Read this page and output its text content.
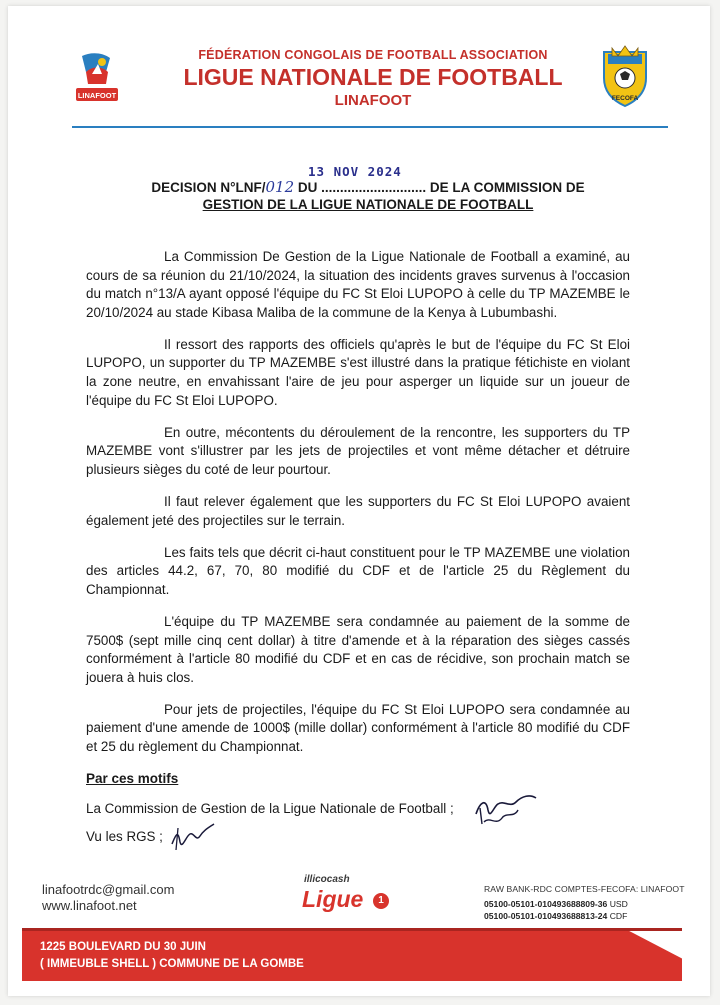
LINAFOOT	FECOFA
FÉDÉRATION CONGOLAIS DE FOOTBALL ASSOCIATION
LIGUE NATIONALE DE FOOTBALL
LINAFOOT
13 NOV 2024
DECISION N°LNF/012 DU ............................ DE LA COMMISSION DE
GESTION DE LA LIGUE NATIONALE DE FOOTBALL

La Commission De Gestion de la Ligue Nationale de Football a examiné, au cours de sa réunion du 21/10/2024, la situation des incidents graves survenus à l'occasion du match n°13/A ayant opposé l'équipe du FC St Eloi LUPOPO à celle du TP MAZEMBE le 20/10/2024 au stade Kibasa Maliba de la commune de la Kenya à Lubumbashi.

Il ressort des rapports des officiels qu'après le but de l'équipe du FC St Eloi LUPOPO, un supporter du TP MAZEMBE s'est illustré dans la pratique fétichiste en violant la zone neutre, en envahissant l'aire de jeu pour asperger un liquide sur un joueur de l'équipe du FC St Eloi LUPOPO.

En outre, mécontents du déroulement de la rencontre, les supporters du TP MAZEMBE vont s'illustrer par les jets de projectiles et vont même détacher et détruire plusieurs sièges du coté de leur pourtour.

Il faut relever également que les supporters du FC St Eloi LUPOPO avaient également jeté des projectiles sur le terrain.

Les faits tels que décrit ci-haut constituent pour le TP MAZEMBE une violation des articles 44.2, 67, 70, 80 modifié du CDF et de l'article 25 du Règlement du Championnat.

L'équipe du TP MAZEMBE sera condamnée au paiement de la somme de 7500$ (sept mille cinq cent dollar) à titre d'amende et à la réparation des sièges cassés conformément à l'article 80 modifié du CDF et en cas de récidive, son prochain match se jouera à huis clos.

Pour jets de projectiles, l'équipe du FC St Eloi LUPOPO sera condamnée au paiement d'une amende de 1000$ (mille dollar) conformément à l'article 80 modifié du CDF et 25 du règlement du Championnat.

Par ces motifs
La Commission de Gestion de la Ligue Nationale de Football ;
Vu les RGS ;
linafootrdc@gmail.com
www.linafoot.net
illicocash
Ligue	1
RAW BANK-RDC COMPTES-FECOFA: LINAFOOT
05100-05101-010493688809-36 USD
05100-05101-010493688813-24 CDF
1225 BOULEVARD DU 30 JUIN
( IMMEUBLE SHELL ) COMMUNE DE LA GOMBE
